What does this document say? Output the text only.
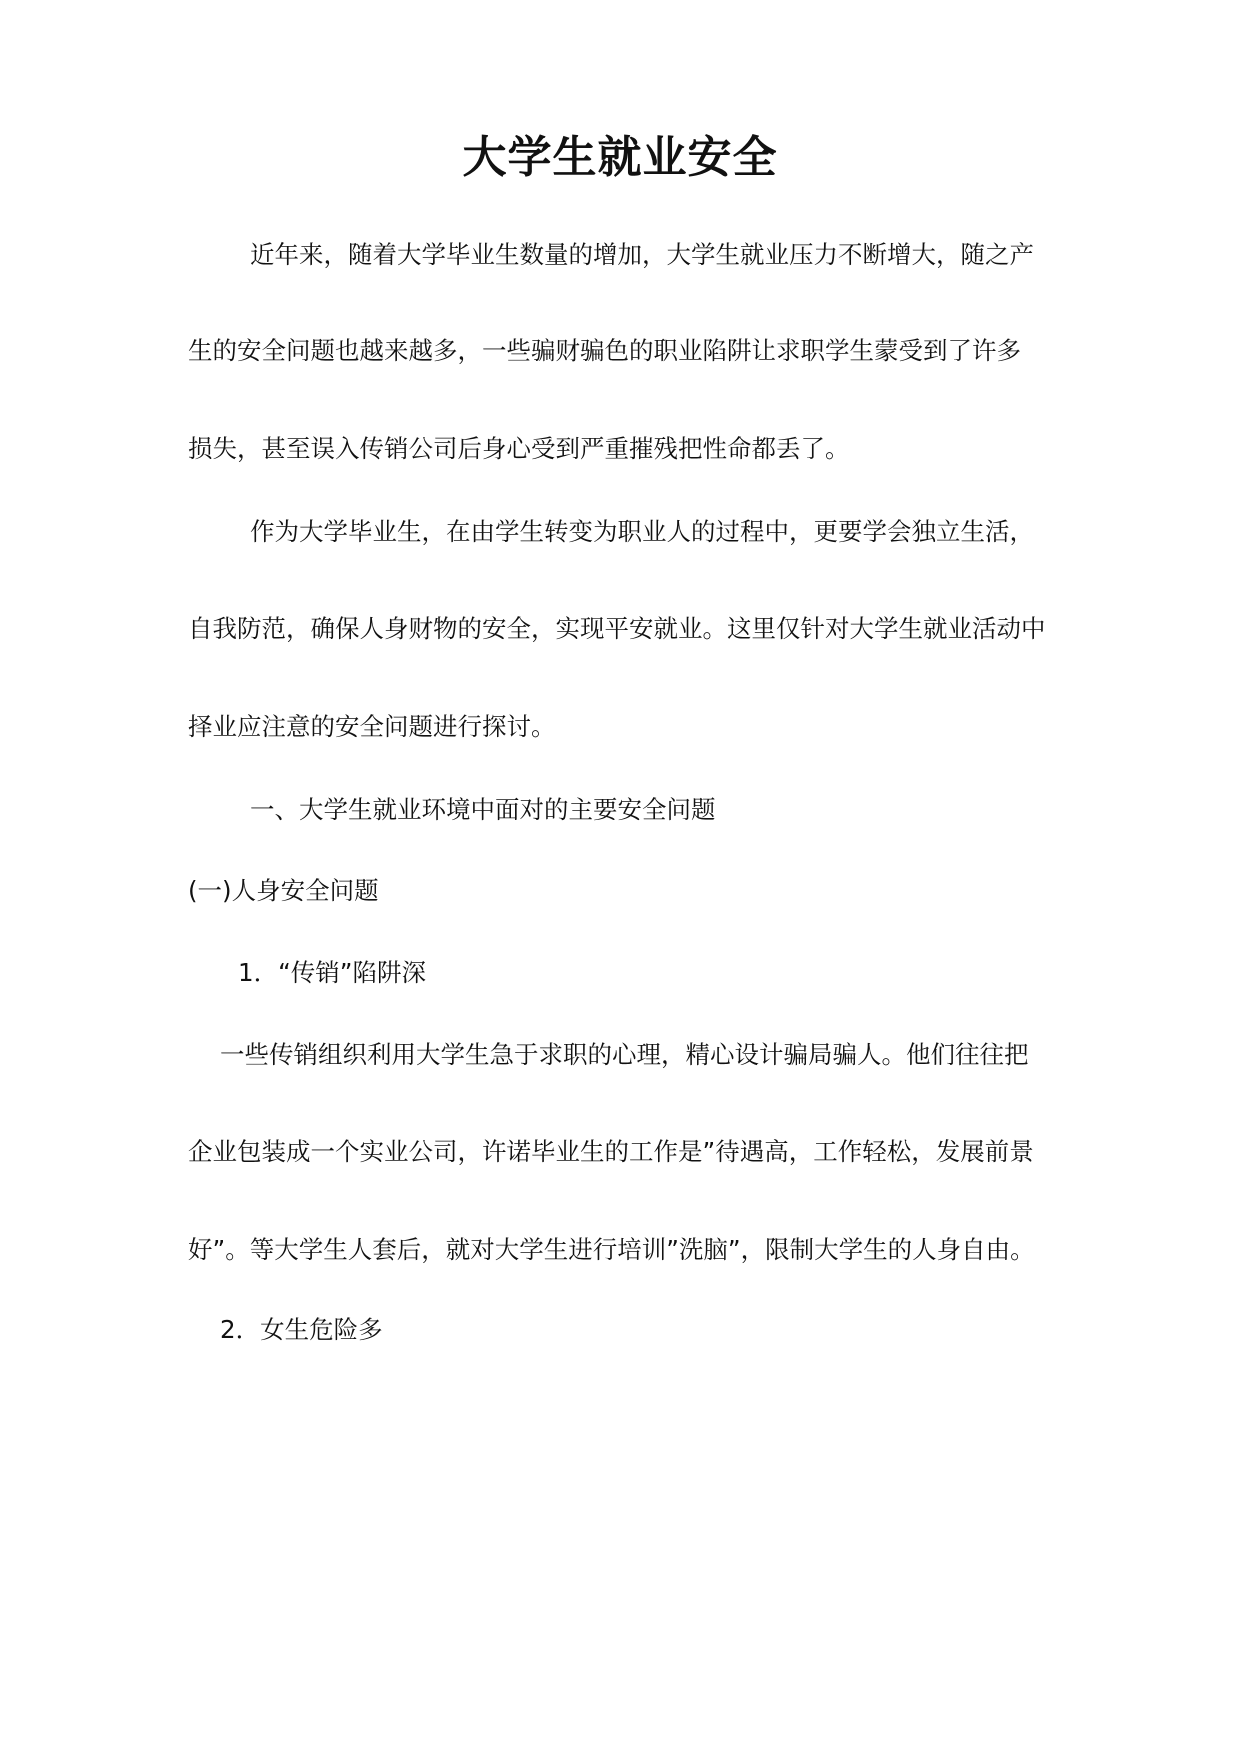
大学生就业安全
近年来，随着大学毕业生数量的增加，大学生就业压力不断增大，随之产
生的安全问题也越来越多，一些骗财骗色的职业陷阱让求职学生蒙受到了许多
损失，甚至误入传销公司后身心受到严重摧残把性命都丢了。
作为大学毕业生，在由学生转变为职业人的过程中，更要学会独立生活，
自我防范，确保人身财物的安全，实现平安就业。这里仅针对大学生就业活动中
择业应注意的安全问题进行探讨。
一、大学生就业环境中面对的主要安全问题
(一)人身安全问题
1．“传销”陷阱深
一些传销组织利用大学生急于求职的心理，精心设计骗局骗人。他们往往把
企业包装成一个实业公司，许诺毕业生的工作是”待遇高，工作轻松，发展前景
好”。等大学生人套后，就对大学生进行培训”洗脑”，限制大学生的人身自由。
2．女生危险多
